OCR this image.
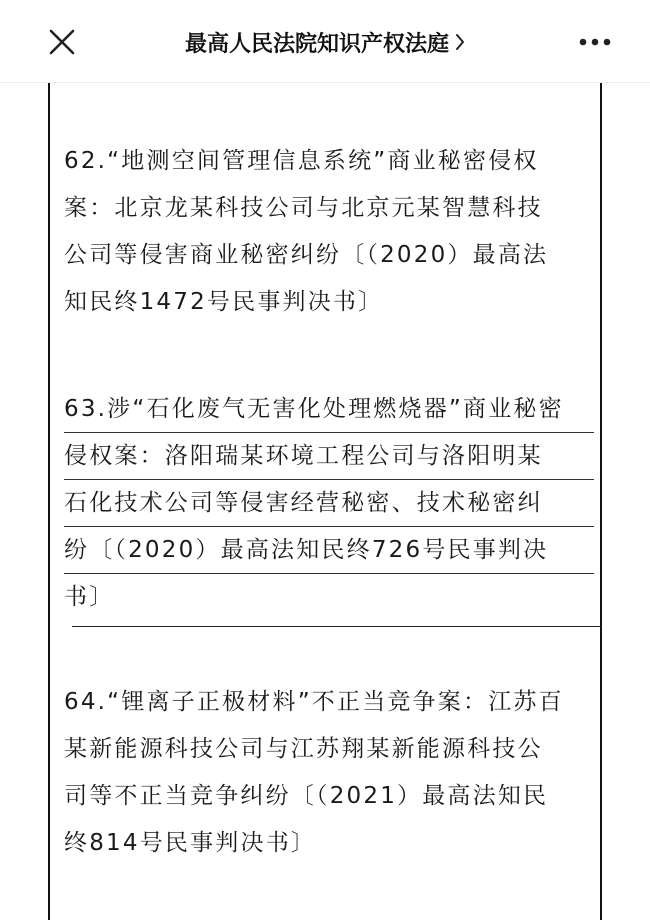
最高人民法院知识产权法庭
62.“地测空间管理信息系统”商业秘密侵权
案：北京龙某科技公司与北京元某智慧科技
公司等侵害商业秘密纠纷〔（2020）最高法
知民终1472号民事判决书〕
63.涉“石化废气无害化处理燃烧器”商业秘密
侵权案：洛阳瑞某环境工程公司与洛阳明某
石化技术公司等侵害经营秘密、技术秘密纠
纷〔（2020）最高法知民终726号民事判决
书〕
64.“锂离子正极材料”不正当竞争案：江苏百
某新能源科技公司与江苏翔某新能源科技公
司等不正当竞争纠纷〔（2021）最高法知民
终814号民事判决书〕
